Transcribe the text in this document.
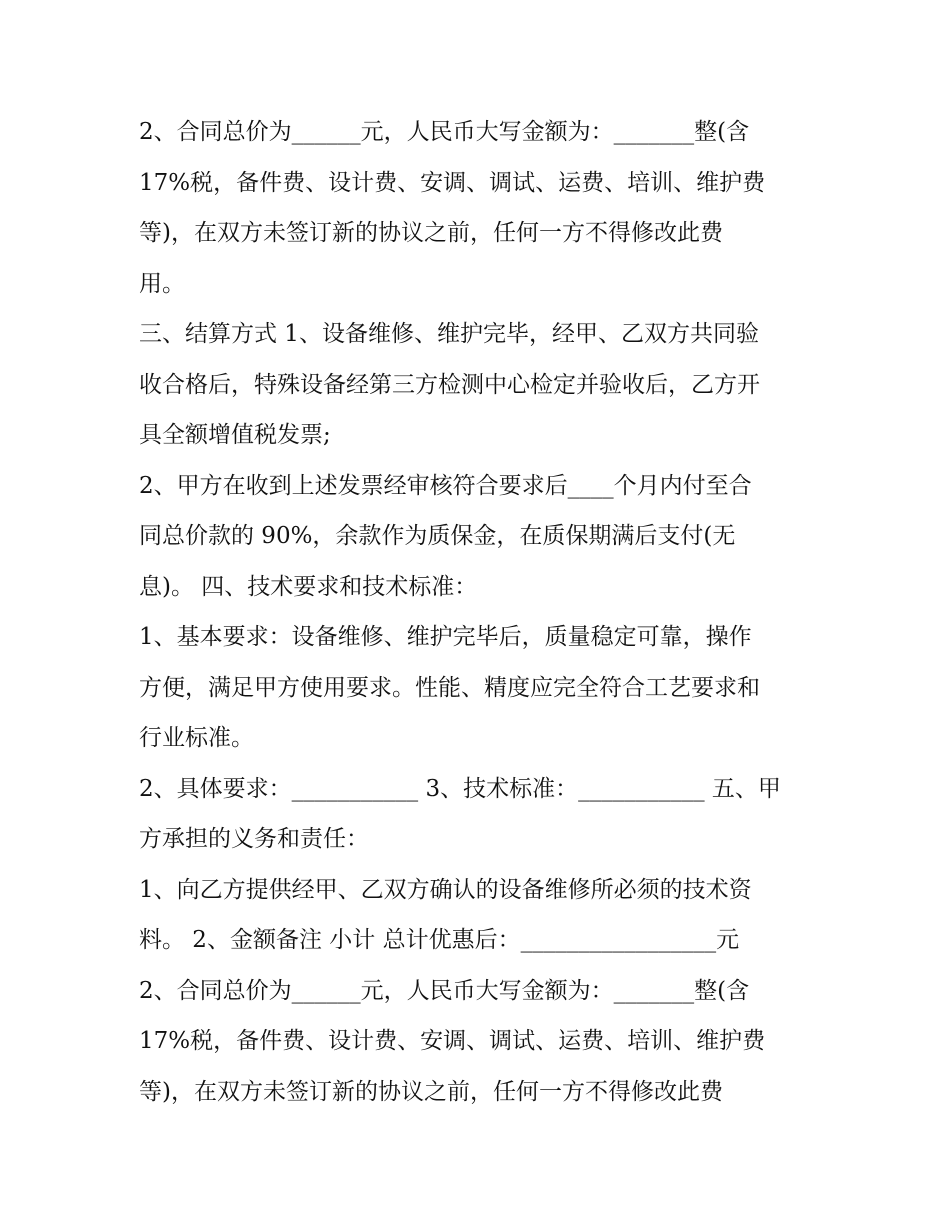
2、合同总价为______元，人民币大写金额为：_______整(含
17%税，备件费、设计费、安调、调试、运费、培训、维护费
等)，在双方未签订新的协议之前，任何一方不得修改此费
用。
三、结算方式 1、设备维修、维护完毕，经甲、乙双方共同验
收合格后，特殊设备经第三方检测中心检定并验收后，乙方开
具全额增值税发票;
2、甲方在收到上述发票经审核符合要求后____个月内付至合
同总价款的 90%，余款作为质保金，在质保期满后支付(无
息)。 四、技术要求和技术标准：
1、基本要求：设备维修、维护完毕后，质量稳定可靠，操作
方便，满足甲方使用要求。性能、精度应完全符合工艺要求和
行业标准。
2、具体要求：___________ 3、技术标准：___________ 五、甲
方承担的义务和责任：
1、向乙方提供经甲、乙双方确认的设备维修所必须的技术资
料。 2、金额备注 小计 总计优惠后：_________________元
2、合同总价为______元，人民币大写金额为：_______整(含
17%税，备件费、设计费、安调、调试、运费、培训、维护费
等)，在双方未签订新的协议之前，任何一方不得修改此费
